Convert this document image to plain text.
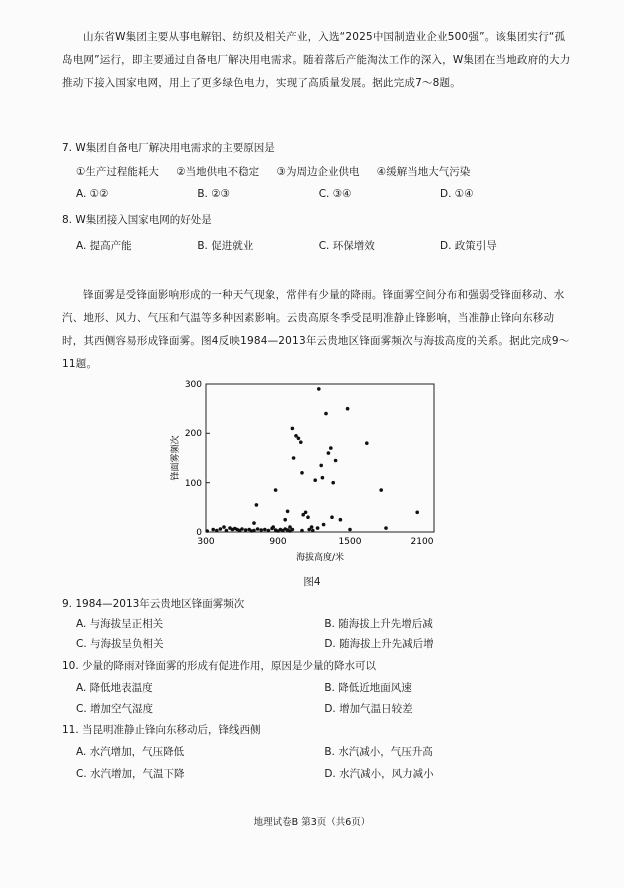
山东省W集团主要从事电解铝、纺织及相关产业，入选“2025中国制造业企业500强”。该集团实行“孤岛电网”运行，即主要通过自备电厂解决用电需求。随着落后产能淘汰工作的深入，W集团在当地政府的大力推动下接入国家电网，用上了更多绿色电力，实现了高质量发展。据此完成7～8题。

7. W集团自备电厂解决用电需求的主要原因是

①生产过程能耗大 ②当地供电不稳定 ③为周边企业供电 ④缓解当地大气污染
A. ①②	B. ②③	C. ③④	D. ①④

8. W集团接入国家电网的好处是

A. 提高产能	B. 促进就业	C. 环保增效	D. 政策引导

锋面雾是受锋面影响形成的一种天气现象，常伴有少量的降雨。锋面雾空间分布和强弱受锋面移动、水汽、地形、风力、气压和气温等多种因素影响。云贵高原冬季受昆明准静止锋影响，当准静止锋向东移动时，其西侧容易形成锋面雾。图4反映1984—2013年云贵地区锋面雾频次与海拔高度的关系。据此完成9～11题。

0
100
200
300
300	900	1500	2100
锋面雾频次
海拔高度/米
图4

9. 1984—2013年云贵地区锋面雾频次

A. 与海拔呈正相关	B. 随海拔上升先增后减
C. 与海拔呈负相关	D. 随海拔上升先减后增

10. 少量的降雨对锋面雾的形成有促进作用，原因是少量的降水可以

A. 降低地表温度	B. 降低近地面风速
C. 增加空气湿度	D. 增加气温日较差

11. 当昆明准静止锋向东移动后，锋线西侧

A. 水汽增加，气压降低	B. 水汽减小，气压升高
C. 水汽增加，气温下降	D. 水汽减小，风力减小
地理试卷B 第3页（共6页）
